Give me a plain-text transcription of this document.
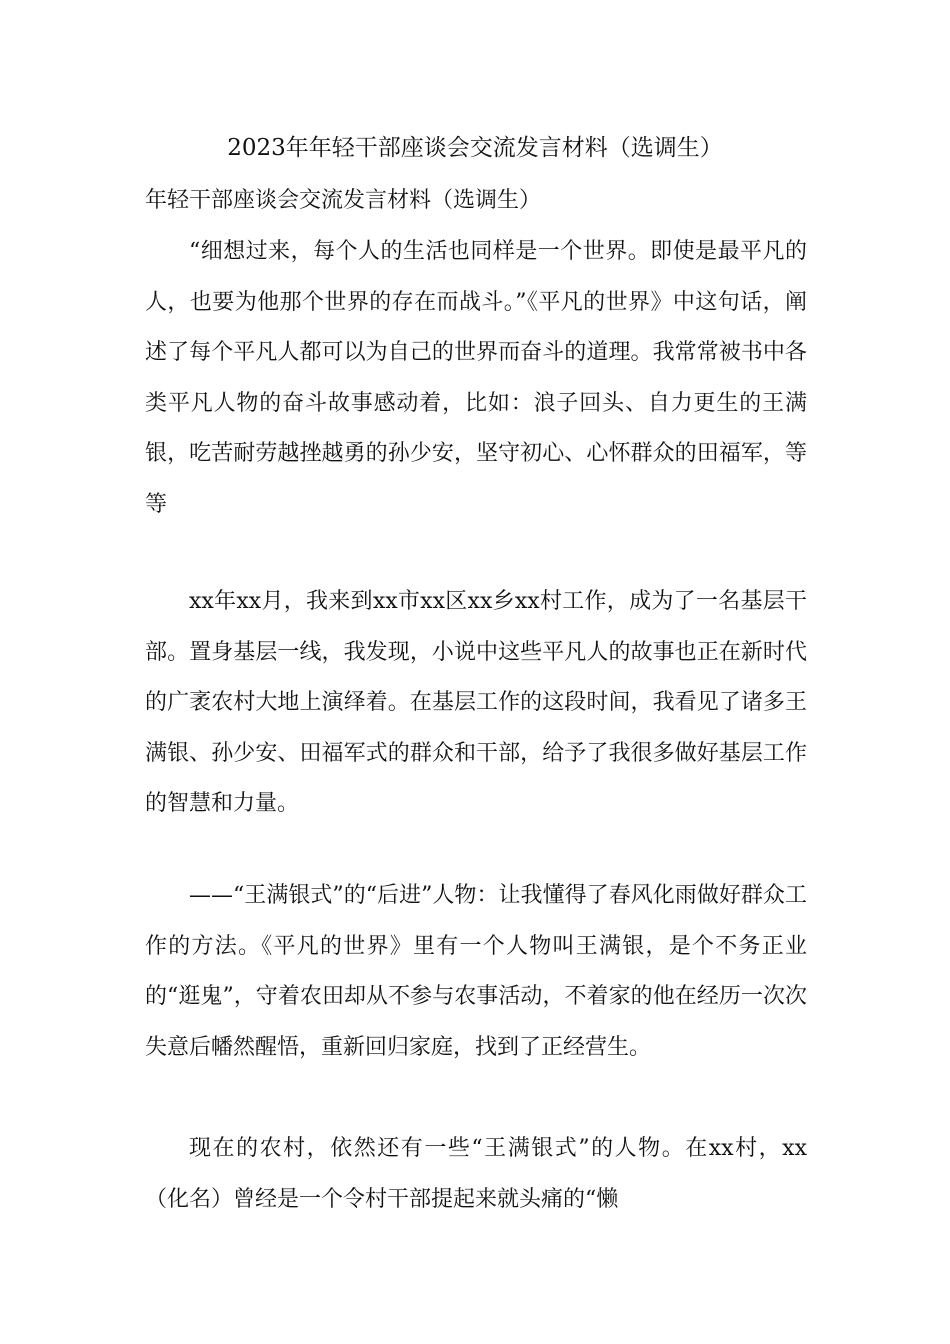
2023年年轻干部座谈会交流发言材料（选调生）
年轻干部座谈会交流发言材料（选调生）

“细想过来，每个人的生活也同样是一个世界。即使是最平凡的人，也要为他那个世界的存在而战斗。”《平凡的世界》中这句话，阐述了每个平凡人都可以为自己的世界而奋斗的道理。我常常被书中各类平凡人物的奋斗故事感动着，比如：浪子回头、自力更生的王满银，吃苦耐劳越挫越勇的孙少安，坚守初心、心怀群众的田福军，等等

xx年xx月，我来到xx市xx区xx乡xx村工作，成为了一名基层干部。置身基层一线，我发现，小说中这些平凡人的故事也正在新时代的广袤农村大地上演绎着。在基层工作的这段时间，我看见了诸多王满银、孙少安、田福军式的群众和干部，给予了我很多做好基层工作的智慧和力量。

——“王满银式”的“后进”人物：让我懂得了春风化雨做好群众工作的方法。《平凡的世界》里有一个人物叫王满银，是个不务正业的“逛鬼”，守着农田却从不参与农事活动，不着家的他在经历一次次失意后幡然醒悟，重新回归家庭，找到了正经营生。

现在的农村，依然还有一些“王满银式”的人物。在xx村，xx（化名）曾经是一个令村干部提起来就头痛的“懒
